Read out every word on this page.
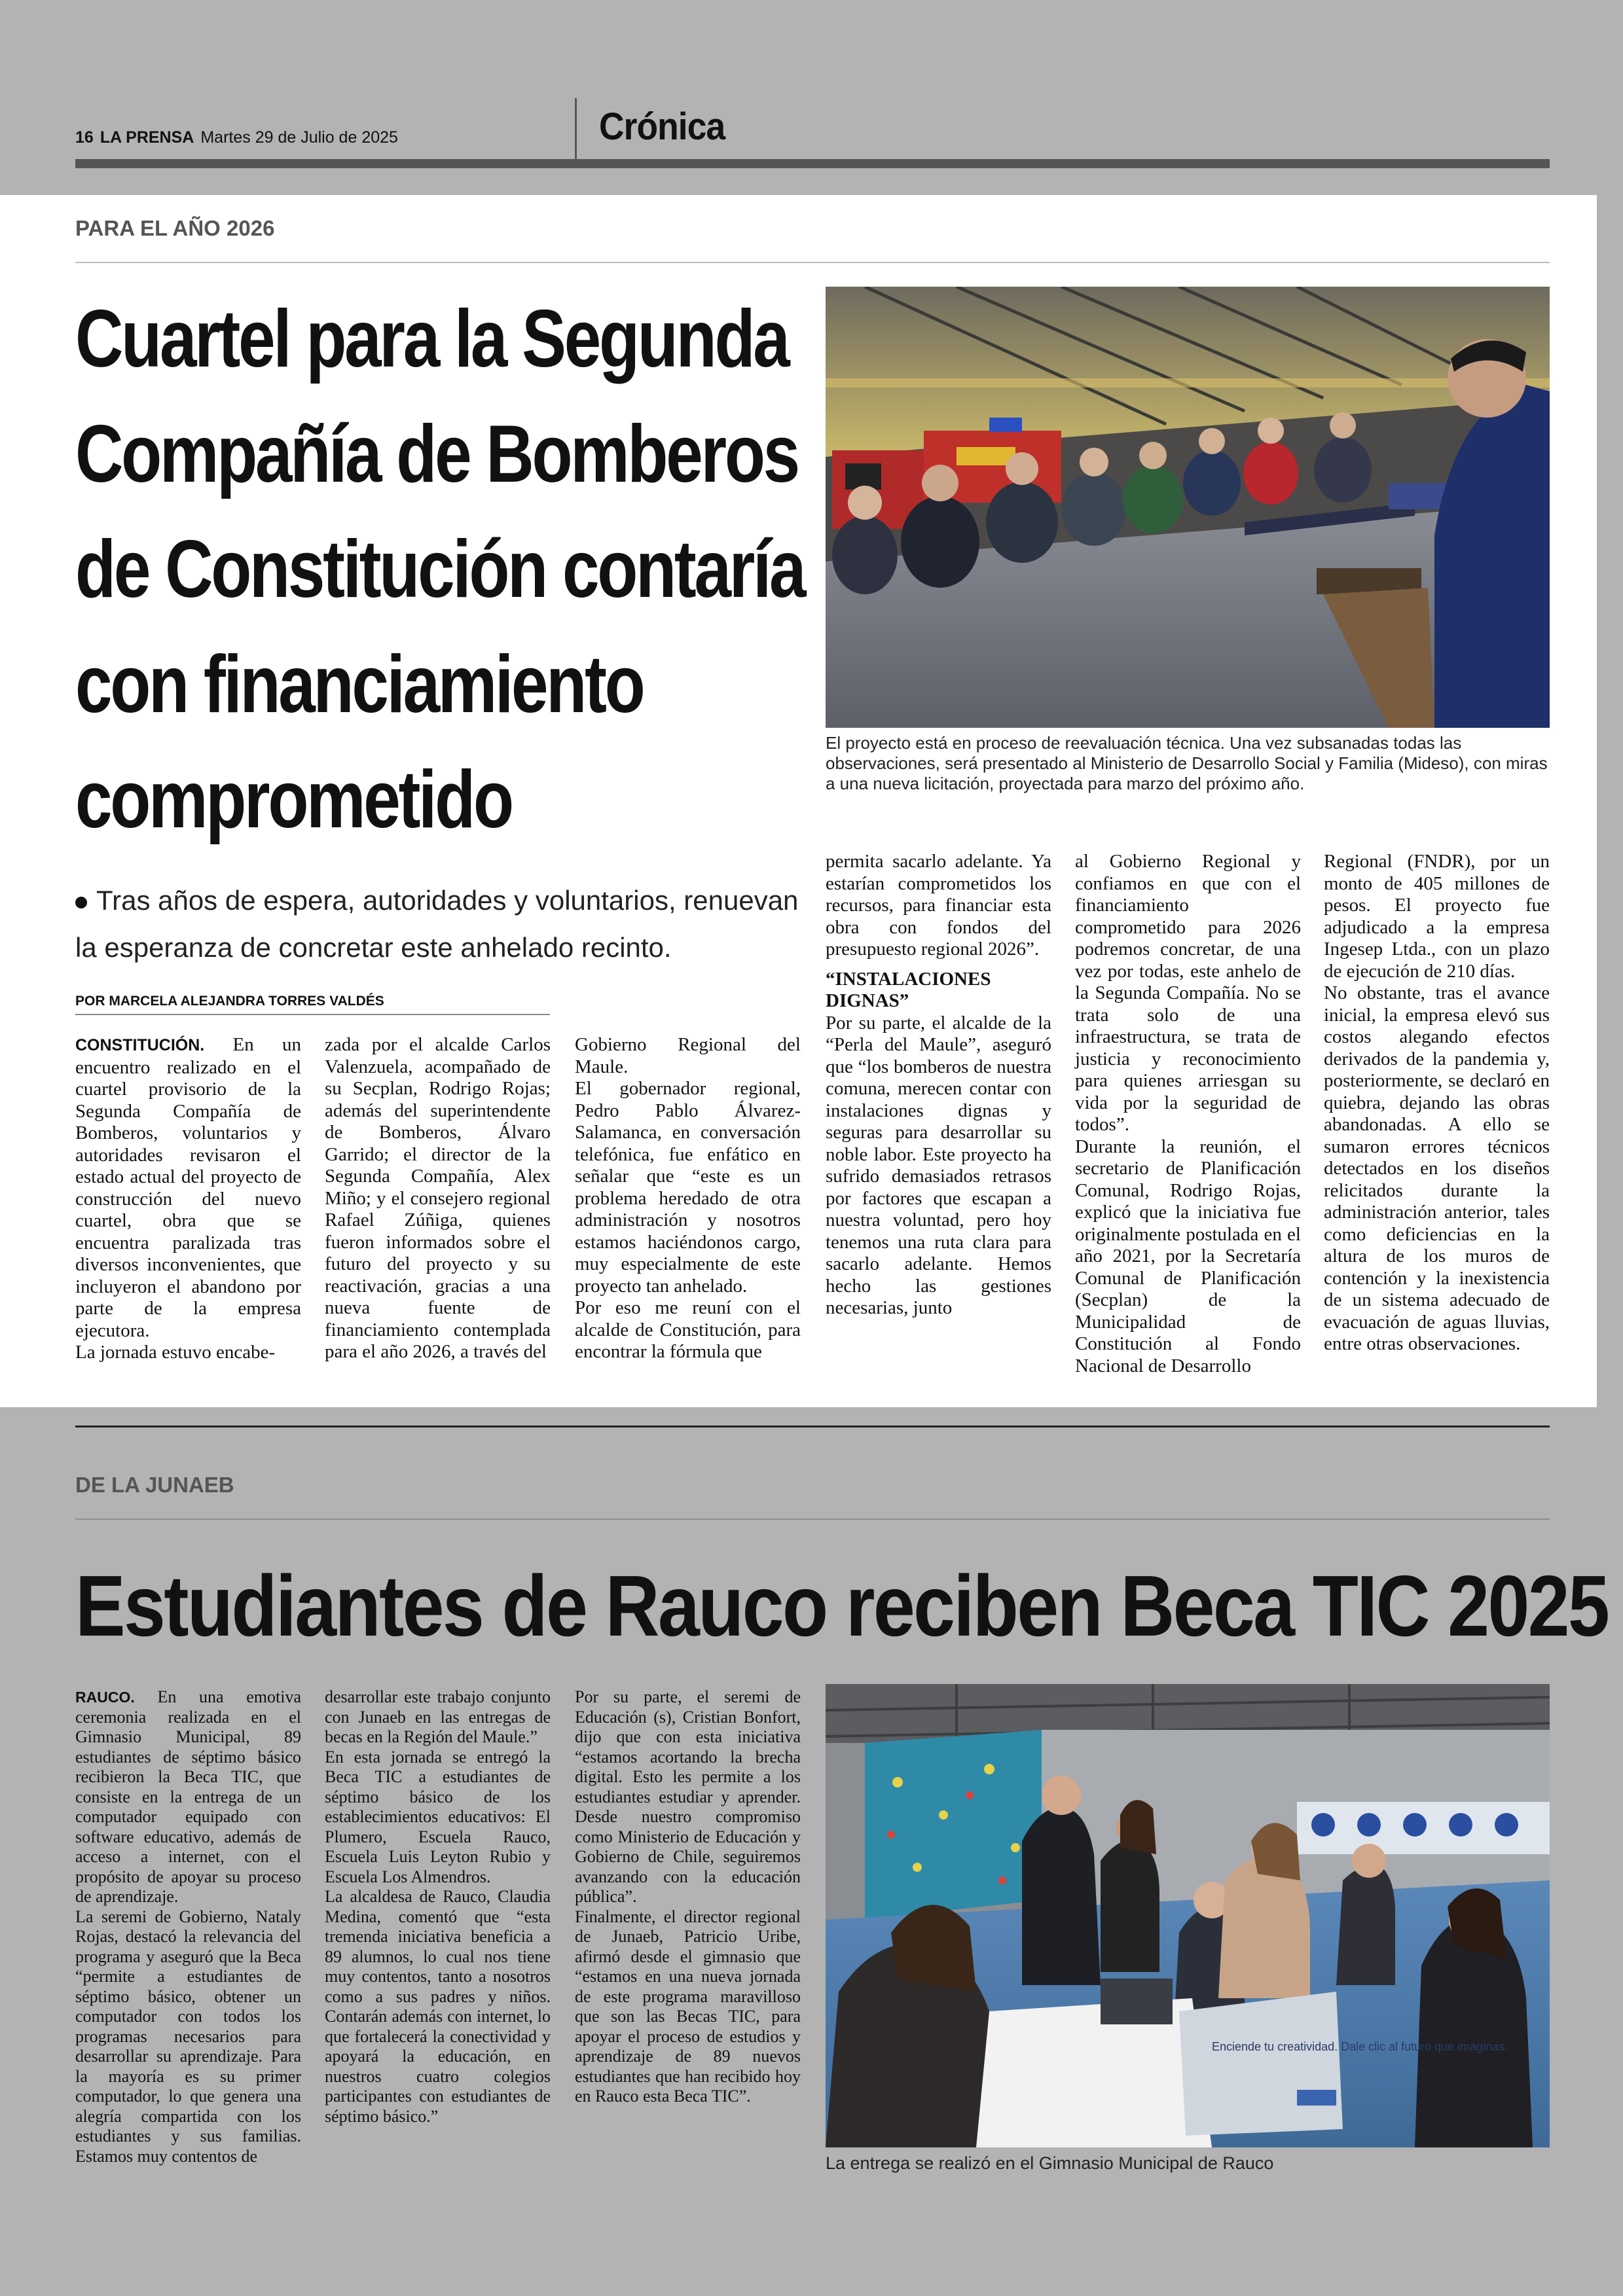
16 LA PRENSA Martes 29 de Julio de 2025	Crónica
PARA EL AÑO 2026
Cuartel para la Segunda Compañía de Bomberos de Constitución contaría con financiamiento comprometido
Tras años de espera, autoridades y voluntarios, renuevan la esperanza de concretar este anhelado recinto.
POR MARCELA ALEJANDRA TORRES VALDÉS
El proyecto está en proceso de reevaluación técnica. Una vez subsanadas todas las observaciones, será presentado al Ministerio de Desarrollo Social y Familia (Mideso), con miras a una nueva licitación, proyectada para marzo del próximo año.

CONSTITUCIÓN. En un encuentro realizado en el cuartel provisorio de la Segunda Compañía de Bomberos, voluntarios y autoridades revisaron el estado actual del proyecto de construcción del nuevo cuartel, obra que se encuentra paralizada tras diversos inconvenientes, que incluyeron el abandono por parte de la empresa ejecutora.

La jornada estuvo encabe-

zada por el alcalde Carlos Valenzuela, acompañado de su Secplan, Rodrigo Rojas; además del superintendente de Bomberos, Álvaro Garrido; el director de la Segunda Compañía, Alex Miño; y el consejero regional Rafael Zúñiga, quienes fueron informados sobre el futuro del proyecto y su reactivación, gracias a una nueva fuente de financiamiento contemplada para el año 2026, a través del

Gobierno Regional del Maule.

El gobernador regional, Pedro Pablo Álvarez-Salamanca, en conversación telefónica, fue enfático en señalar que “este es un problema heredado de otra administración y nosotros estamos haciéndonos cargo, muy especialmente de este proyecto tan anhelado.

Por eso me reuní con el alcalde de Constitución, para encontrar la fórmula que

permita sacarlo adelante. Ya estarían comprometidos los recursos, para financiar esta obra con fondos del presupuesto regional 2026”.

“INSTALACIONES DIGNAS”

Por su parte, el alcalde de la “Perla del Maule”, aseguró que “los bomberos de nuestra comuna, merecen contar con instalaciones dignas y seguras para desarrollar su noble labor. Este proyecto ha sufrido demasiados retrasos por factores que escapan a nuestra voluntad, pero hoy tenemos una ruta clara para sacarlo adelante. Hemos hecho las gestiones necesarias, junto

al Gobierno Regional y confiamos en que con el financiamiento comprometido para 2026 podremos concretar, de una vez por todas, este anhelo de la Segunda Compañía. No se trata solo de una infraestructura, se trata de justicia y reconocimiento para quienes arriesgan su vida por la seguridad de todos”.

Durante la reunión, el secretario de Planificación Comunal, Rodrigo Rojas, explicó que la iniciativa fue originalmente postulada en el año 2021, por la Secretaría Comunal de Planificación (Secplan) de la Municipalidad de Constitución al Fondo Nacional de Desarrollo

Regional (FNDR), por un monto de 405 millones de pesos. El proyecto fue adjudicado a la empresa Ingesep Ltda., con un plazo de ejecución de 210 días.

No obstante, tras el avance inicial, la empresa elevó sus costos alegando efectos derivados de la pandemia y, posteriormente, se declaró en quiebra, dejando las obras abandonadas. A ello se sumaron errores técnicos detectados en los diseños relicitados durante la administración anterior, tales como deficiencias en la altura de los muros de contención y la inexistencia de un sistema adecuado de evacuación de aguas lluvias, entre otras observaciones.

DE LA JUNAEB
Estudiantes de Rauco reciben Beca TIC 2025

RAUCO. En una emotiva ceremonia realizada en el Gimnasio Municipal, 89 estudiantes de séptimo básico recibieron la Beca TIC, que consiste en la entrega de un computador equipado con software educativo, además de acceso a internet, con el propósito de apoyar su proceso de aprendizaje.

La seremi de Gobierno, Nataly Rojas, destacó la relevancia del programa y aseguró que la Beca “permite a estudiantes de séptimo básico, obtener un computador con todos los programas necesarios para desarrollar su aprendizaje. Para la mayoría es su primer computador, lo que genera una alegría compartida con los estudiantes y sus familias. Estamos muy contentos de

desarrollar este trabajo conjunto con Junaeb en las entregas de becas en la Región del Maule.”

En esta jornada se entregó la Beca TIC a estudiantes de séptimo básico de los establecimientos educativos: El Plumero, Escuela Rauco, Escuela Luis Leyton Rubio y Escuela Los Almendros.

La alcaldesa de Rauco, Claudia Medina, comentó que “esta tremenda iniciativa beneficia a 89 alumnos, lo cual nos tiene muy contentos, tanto a nosotros como a sus padres y niños. Contarán además con internet, lo que fortalecerá la conectividad y apoyará la educación, en nuestros cuatro colegios participantes con estudiantes de séptimo básico.”

Por su parte, el seremi de Educación (s), Cristian Bonfort, dijo que con esta iniciativa “estamos acortando la brecha digital. Esto les permite a los estudiantes estudiar y aprender. Desde nuestro compromiso como Ministerio de Educación y Gobierno de Chile, seguiremos avanzando con la educación pública”.

Finalmente, el director regional de Junaeb, Patricio Uribe, afirmó desde el gimnasio que “estamos en una nueva jornada de este programa maravilloso que son las Becas TIC, para apoyar el proceso de estudios y aprendizaje de 89 nuevos estudiantes que han recibido hoy en Rauco esta Beca TIC”.

Enciende tu creatividad. Dale clic al futuro que imaginas.
La entrega se realizó en el Gimnasio Municipal de Rauco
